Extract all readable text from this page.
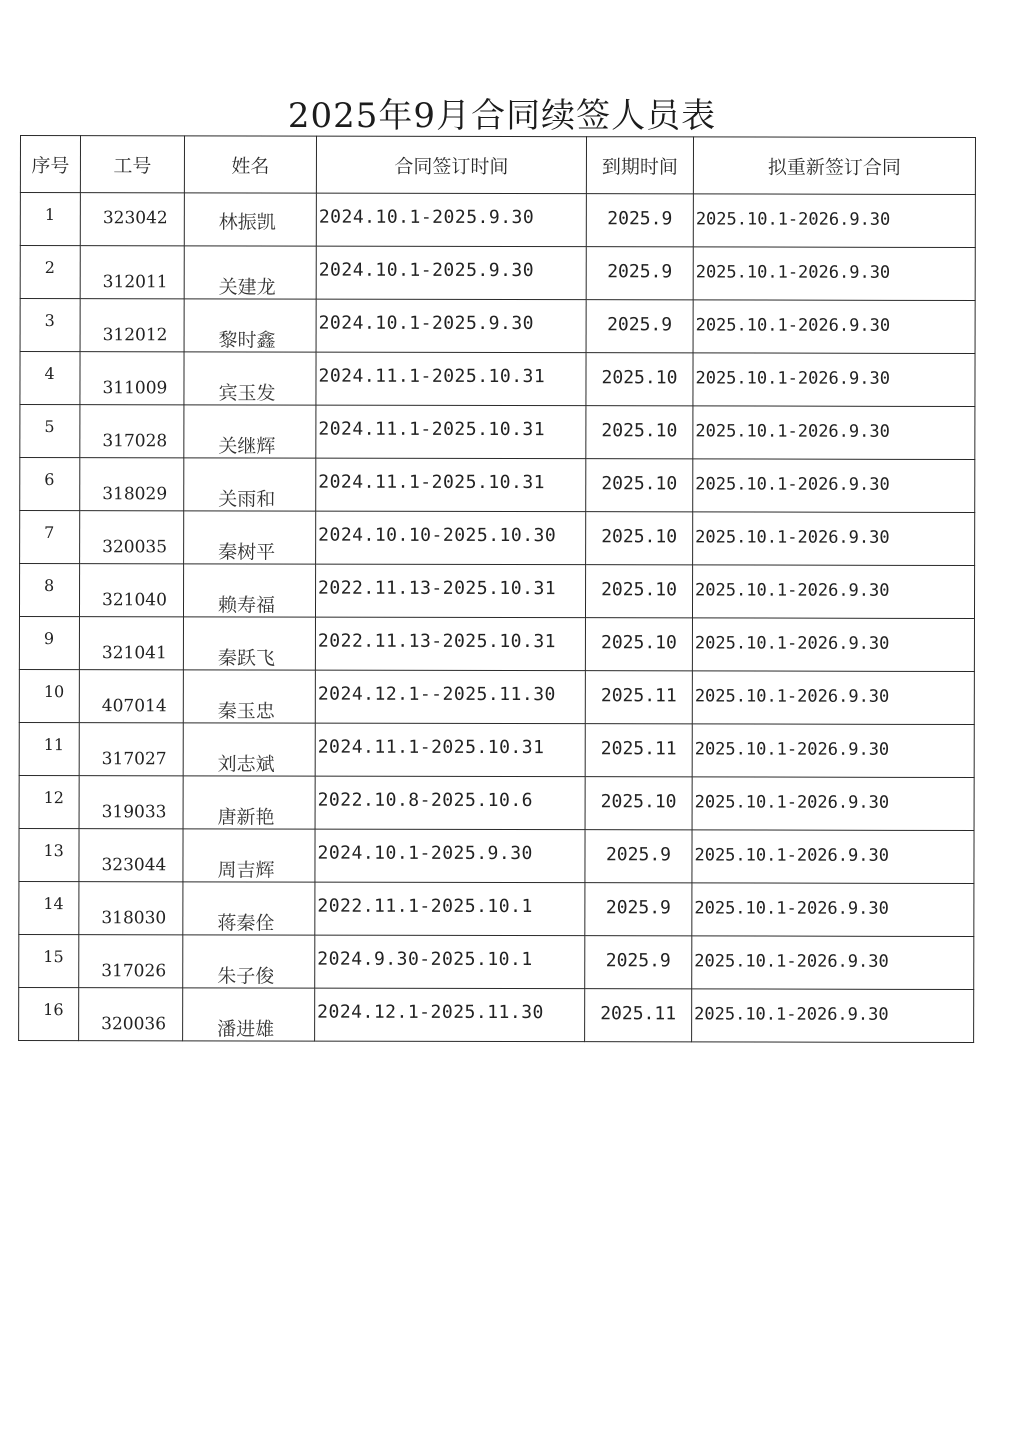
2025年9月合同续签人员表
序号	工号	姓名	合同签订时间	到期时间	拟重新签订合同

1	323042	林振凯	2024.10.1-2025.9.30	2025.9	2025.10.1-2026.9.30

2	312011	关建龙	2024.10.1-2025.9.30	2025.9	2025.10.1-2026.9.30

3	312012	黎时鑫	2024.10.1-2025.9.30	2025.9	2025.10.1-2026.9.30

4	311009	宾玉发	2024.11.1-2025.10.31	2025.10	2025.10.1-2026.9.30

5	317028	关继辉	2024.11.1-2025.10.31	2025.10	2025.10.1-2026.9.30

6	318029	关雨和	2024.11.1-2025.10.31	2025.10	2025.10.1-2026.9.30

7	320035	秦树平	2024.10.10-2025.10.30	2025.10	2025.10.1-2026.9.30

8	321040	赖寿福	2022.11.13-2025.10.31	2025.10	2025.10.1-2026.9.30

9	321041	秦跃飞	2022.11.13-2025.10.31	2025.10	2025.10.1-2026.9.30

10	407014	秦玉忠	2024.12.1--2025.11.30	2025.11	2025.10.1-2026.9.30

11	317027	刘志斌	2024.11.1-2025.10.31	2025.11	2025.10.1-2026.9.30

12	319033	唐新艳	2022.10.8-2025.10.6	2025.10	2025.10.1-2026.9.30

13	323044	周吉辉	2024.10.1-2025.9.30	2025.9	2025.10.1-2026.9.30

14	318030	蒋秦佺	2022.11.1-2025.10.1	2025.9	2025.10.1-2026.9.30

15	317026	朱子俊	2024.9.30-2025.10.1	2025.9	2025.10.1-2026.9.30

16	320036	潘进雄	2024.12.1-2025.11.30	2025.11	2025.10.1-2026.9.30
